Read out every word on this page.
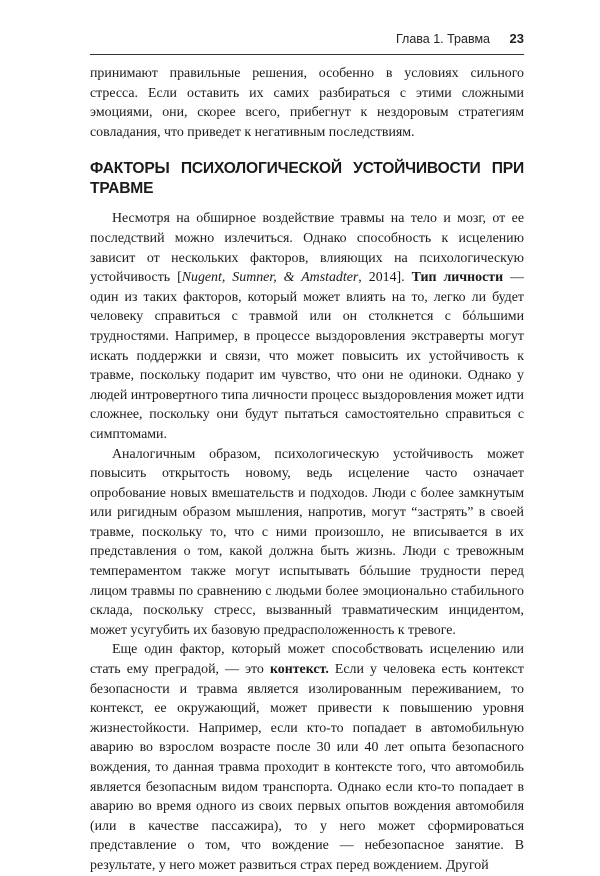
Глава 1. Травма 23

принимают правильные решения, особенно в условиях сильного стресса. Если оставить их самих разбираться с этими сложными эмоциями, они, скорее всего, прибегнут к нездоровым стратегиям совладания, что приведет к негативным последствиям.

ФАКТОРЫ ПСИХОЛОГИЧЕСКОЙ УСТОЙЧИВОСТИ ПРИ ТРАВМЕ

Несмотря на обширное воздействие травмы на тело и мозг, от ее последствий можно излечиться. Однако способность к исцелению зависит от нескольких факторов, влияющих на психологическую устойчивость [Nugent, Sumner, & Amstadter, 2014]. Тип личности — один из таких факторов, который может влиять на то, легко ли будет человеку справиться с травмой или он столкнется с бóльшими трудностями. Например, в процессе выздоровления экстраверты могут искать поддержки и связи, что может повысить их устойчивость к травме, поскольку подарит им чувство, что они не одиноки. Однако у людей интровертного типа личности процесс выздоровления может идти сложнее, поскольку они будут пытаться самостоятельно справиться с симптомами.

Аналогичным образом, психологическую устойчивость может повысить открытость новому, ведь исцеление часто означает опробование новых вмешательств и подходов. Люди с более замкнутым или ригидным образом мышления, напротив, могут “застрять” в своей травме, поскольку то, что с ними произошло, не вписывается в их представления о том, какой должна быть жизнь. Люди с тревожным темпераментом также могут испытывать бóльшие трудности перед лицом травмы по сравнению с людьми более эмоционально стабильного склада, поскольку стресс, вызванный травматическим инцидентом, может усугубить их базовую предрасположенность к тревоге.

Еще один фактор, который может способствовать исцелению или стать ему преградой, — это контекст. Если у человека есть контекст безопасности и травма является изолированным переживанием, то контекст, ее окружающий, может привести к повышению уровня жизнестойкости. Например, если кто-то попадает в автомобильную аварию во взрослом возрасте после 30 или 40 лет опыта безопасного вождения, то данная травма проходит в контексте того, что автомобиль является безопасным видом транспорта. Однако если кто-то попадает в аварию во время одного из своих первых опытов вождения автомобиля (или в качестве пассажира), то у него может сформироваться представление о том, что вождение — небезопасное занятие. В результате, у него может развиться страх перед вождением. Другой
